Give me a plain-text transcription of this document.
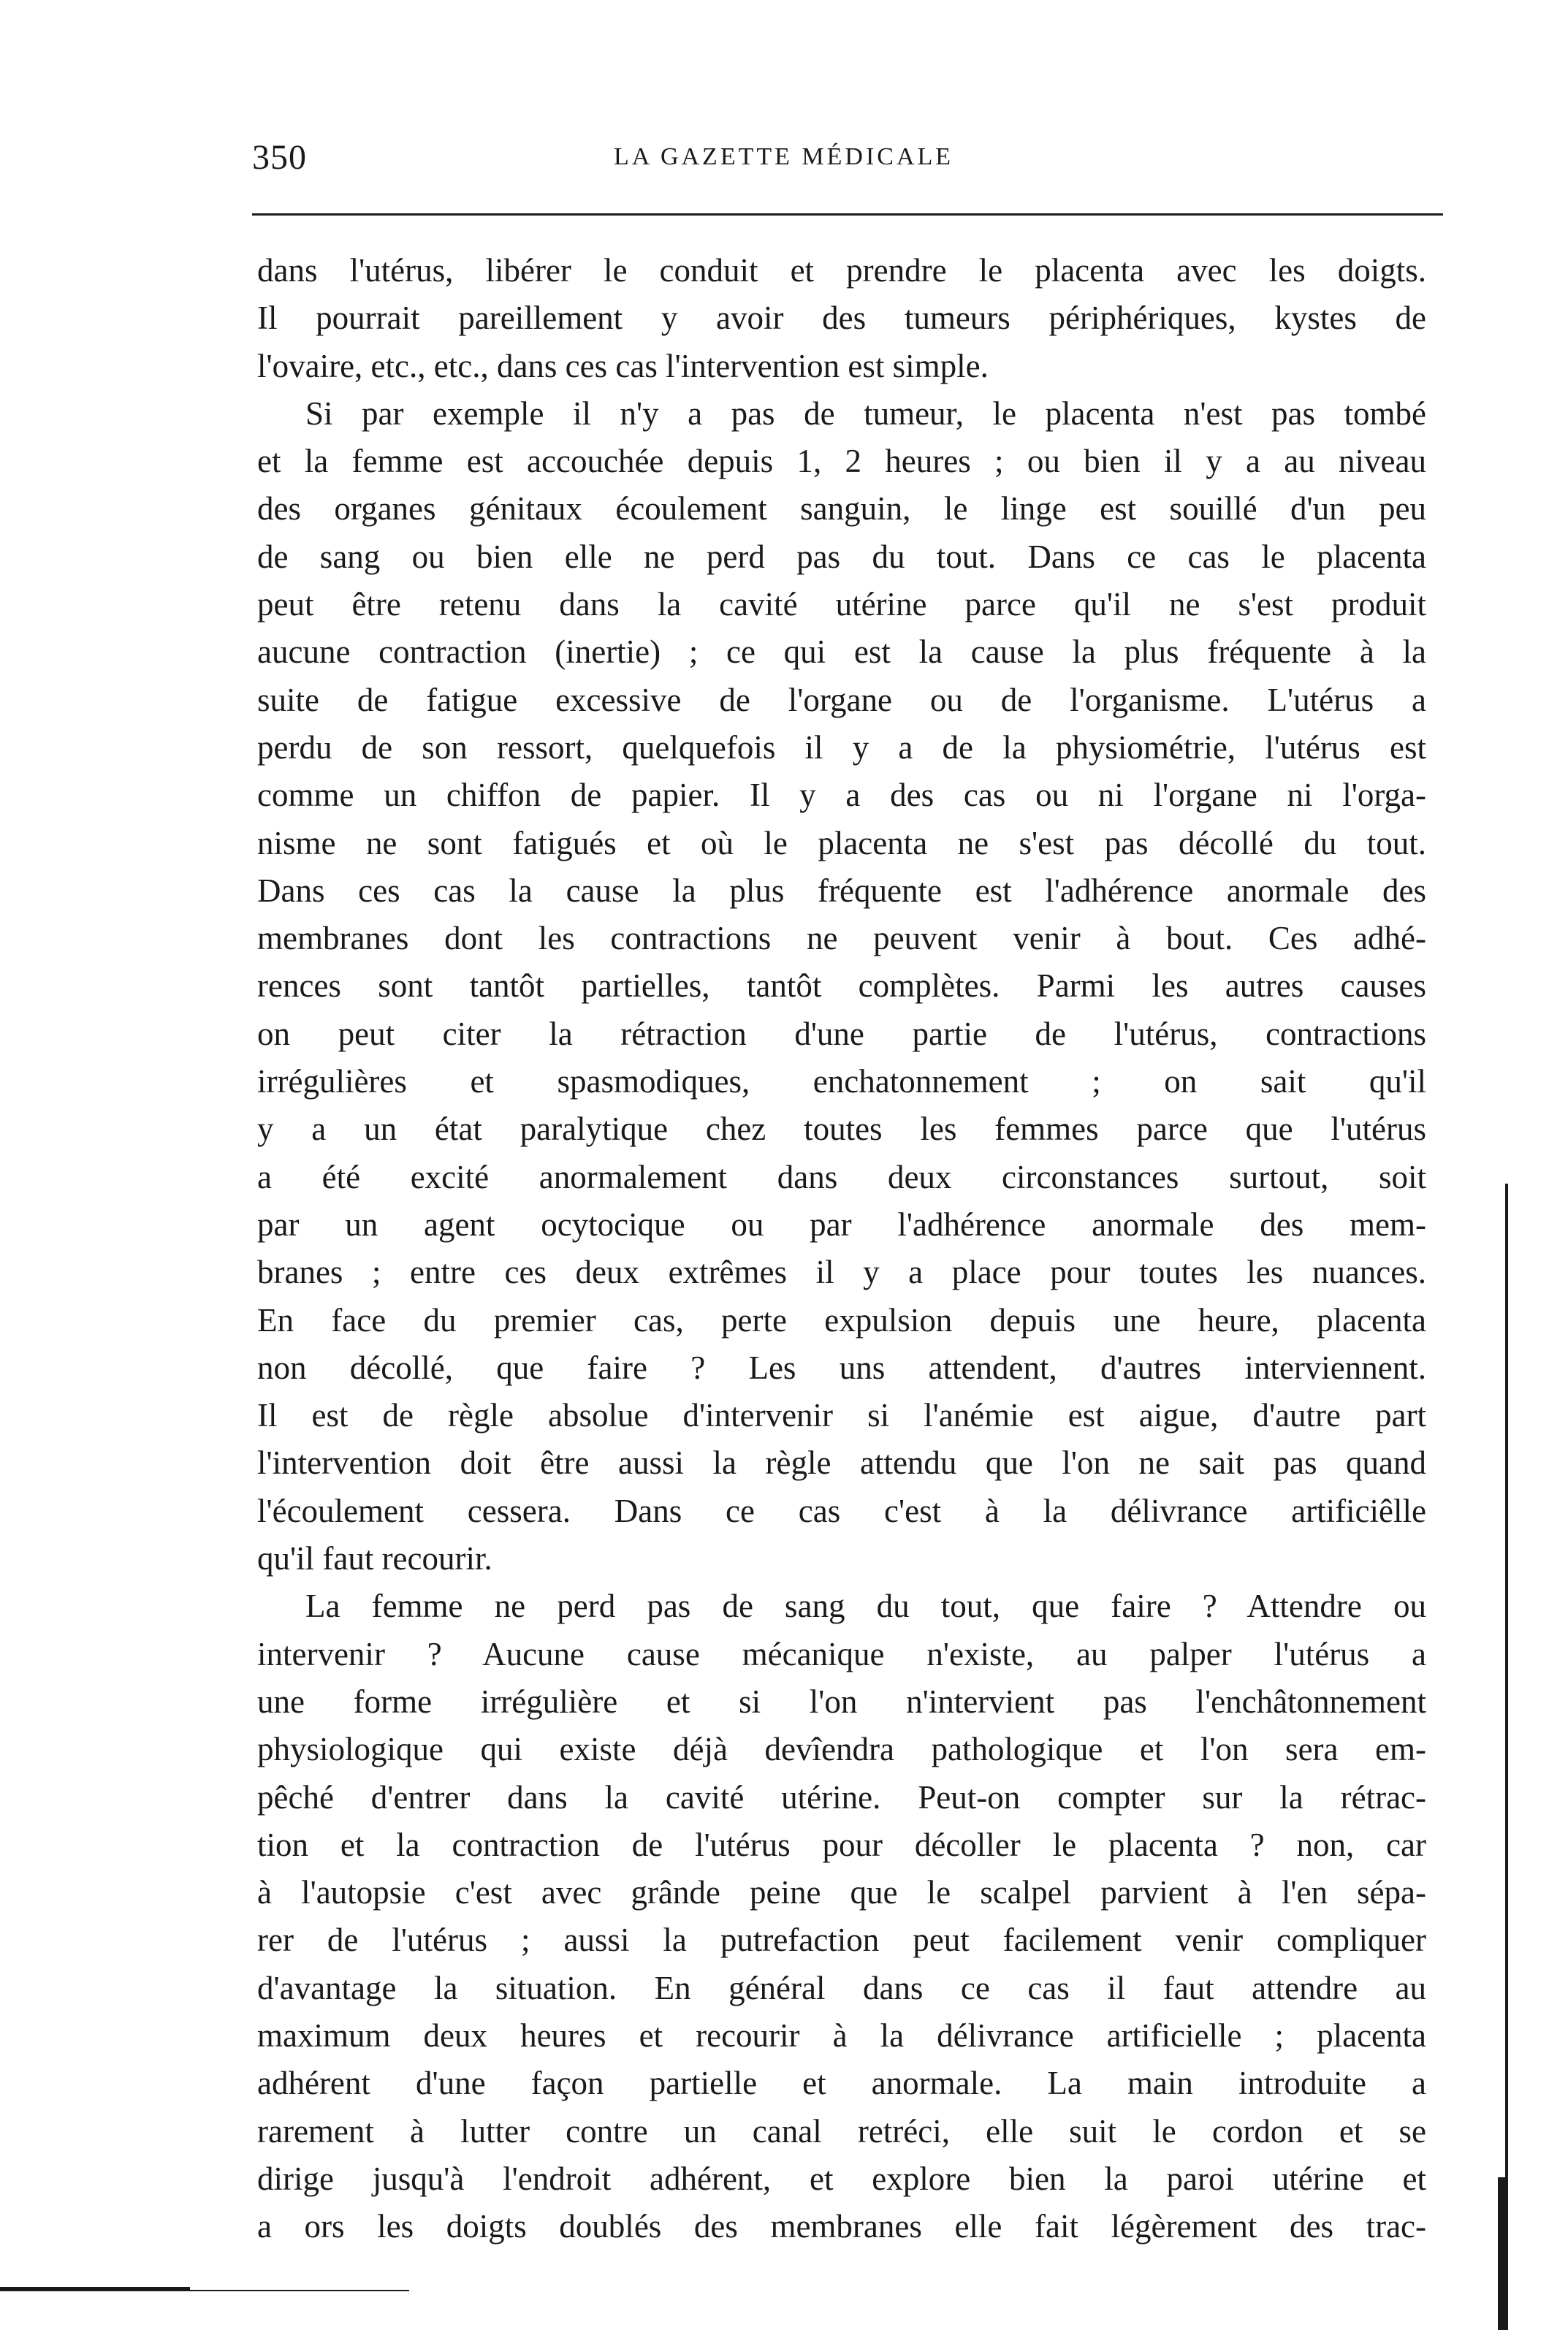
350	LA GAZETTE MÉDICALE
dans l'utérus, libérer le conduit et prendre le placenta avec les doigts.
Il pourrait pareillement y avoir des tumeurs périphériques, kystes de
l'ovaire, etc., etc., dans ces cas l'intervention est simple.
Si par exemple il n'y a pas de tumeur, le placenta n'est pas tombé
et la femme est accouchée depuis 1, 2 heures ; ou bien il y a au niveau
des organes génitaux écoulement sanguin, le linge est souillé d'un peu
de sang ou bien elle ne perd pas du tout. Dans ce cas le placenta
peut être retenu dans la cavité utérine parce qu'il ne s'est produit
aucune contraction (inertie) ; ce qui est la cause la plus fréquente à la
suite de fatigue excessive de l'organe ou de l'organisme. L'utérus a
perdu de son ressort, quelquefois il y a de la physiométrie, l'utérus est
comme un chiffon de papier. Il y a des cas ou ni l'organe ni l'orga-
nisme ne sont fatigués et où le placenta ne s'est pas décollé du tout.
Dans ces cas la cause la plus fréquente est l'adhérence anormale des
membranes dont les contractions ne peuvent venir à bout. Ces adhé-
rences sont tantôt partielles, tantôt complètes. Parmi les autres causes
on peut citer la rétraction d'une partie de l'utérus, contractions
irrégulières et spasmodiques, enchatonnement ; on sait qu'il
y a un état paralytique chez toutes les femmes parce que l'utérus
a été excité anormalement dans deux circonstances surtout, soit
par un agent ocytocique ou par l'adhérence anormale des mem-
branes ; entre ces deux extrêmes il y a place pour toutes les nuances.
En face du premier cas, perte expulsion depuis une heure, placenta
non décollé, que faire ? Les uns attendent, d'autres interviennent.
Il est de règle absolue d'intervenir si l'anémie est aigue, d'autre part
l'intervention doit être aussi la règle attendu que l'on ne sait pas quand
l'écoulement cessera. Dans ce cas c'est à la délivrance artificiêlle
qu'il faut recourir.
La femme ne perd pas de sang du tout, que faire ? Attendre ou
intervenir ? Aucune cause mécanique n'existe, au palper l'utérus a
une forme irrégulière et si l'on n'intervient pas l'enchâtonnement
physiologique qui existe déjà devîendra pathologique et l'on sera em-
pêché d'entrer dans la cavité utérine. Peut-on compter sur la rétrac-
tion et la contraction de l'utérus pour décoller le placenta ? non, car
à l'autopsie c'est avec grânde peine que le scalpel parvient à l'en sépa-
rer de l'utérus ; aussi la putrefaction peut facilement venir compliquer
d'avantage la situation. En général dans ce cas il faut attendre au
maximum deux heures et recourir à la délivrance artificielle ; placenta
adhérent d'une façon partielle et anormale. La main introduite a
rarement à lutter contre un canal retréci, elle suit le cordon et se
dirige jusqu'à l'endroit adhérent, et explore bien la paroi utérine et
a ors les doigts doublés des membranes elle fait légèrement des trac-
